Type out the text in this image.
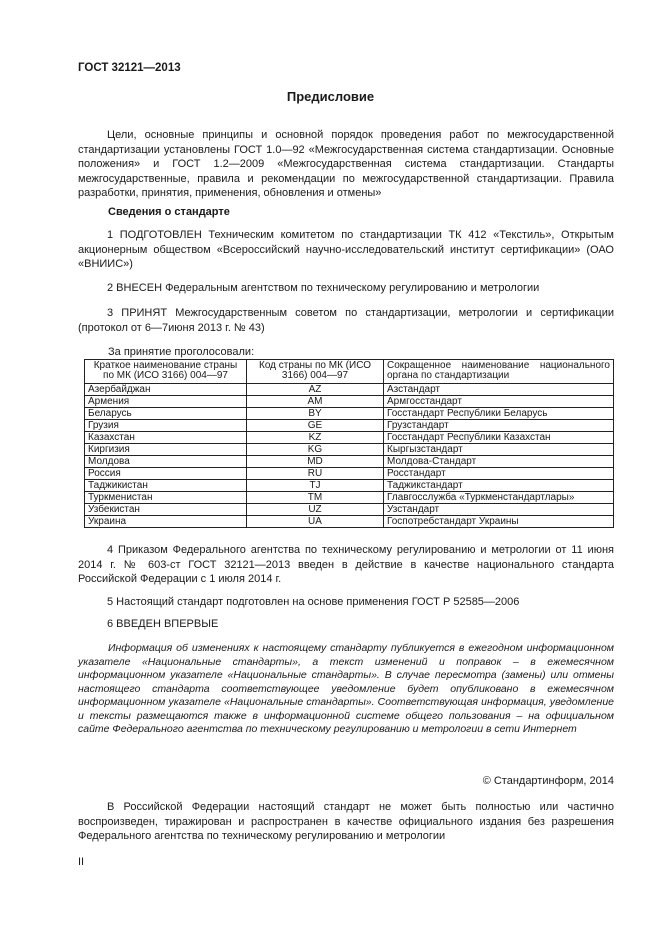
ГОСТ 32121—2013
Предисловие
Цели, основные принципы и основной порядок проведения работ по межгосударственной стандартизации установлены ГОСТ 1.0—92 «Межгосударственная система стандартизации. Основные положения» и ГОСТ 1.2—2009 «Межгосударственная система стандартизации. Стандарты межгосударственные, правила и рекомендации по межгосударственной стандартизации. Правила разработки, принятия, применения, обновления и отмены»
Сведения о стандарте
1 ПОДГОТОВЛЕН Техническим комитетом по стандартизации ТК 412 «Текстиль», Открытым акционерным обществом «Всероссийский научно-исследовательский институт сертификации» (ОАО «ВНИИС»)
2 ВНЕСЕН Федеральным агентством по техническому регулированию и метрологии
3 ПРИНЯТ Межгосударственным советом по стандартизации, метрологии и сертификации (протокол от 6—7июня 2013 г. № 43)
За принятие проголосовали:
Краткое наименование страны по МК (ИСО 3166) 004—97	Код страны по МК (ИСО 3166) 004—97	Сокращенное наименование национального органа по стандартизации
Азербайджан	AZ	Азстандарт
Армения	AM	Армгосстандарт
Беларусь	BY	Госстандарт Республики Беларусь
Грузия	GE	Грузстандарт
Казахстан	KZ	Госстандарт Республики Казахстан
Киргизия	KG	Кыргызстандарт
Молдова	MD	Молдова-Стандарт
Россия	RU	Росстандарт
Таджикистан	TJ	Таджикстандарт
Туркменистан	TM	Главгосслужба «Туркменстандартлары»
Узбекистан	UZ	Узстандарт
Украина	UA	Госпотребстандарт Украины
4 Приказом Федерального агентства по техническому регулированию и метрологии от 11 июня 2014 г. № 603-ст ГОСТ 32121—2013 введен в действие в качестве национального стандарта Российской Федерации с 1 июля 2014 г.
5 Настоящий стандарт подготовлен на основе применения ГОСТ Р 52585—2006
6 ВВЕДЕН ВПЕРВЫЕ
Информация об изменениях к настоящему стандарту публикуется в ежегодном информационном указателе «Национальные стандарты», а текст изменений и поправок – в ежемесячном информационном указателе «Национальные стандарты». В случае пересмотра (замены) или отмены настоящего стандарта соответствующее уведомление будет опубликовано в ежемесячном информационном указателе «Национальные стандарты». Соответствующая информация, уведомление и тексты размещаются также в информационной системе общего пользования – на официальном сайте Федерального агентства по техническому регулированию и метрологии в сети Интернет
© Стандартинформ, 2014
В Российской Федерации настоящий стандарт не может быть полностью или частично воспроизведен, тиражирован и распространен в качестве официального издания без разрешения Федерального агентства по техническому регулированию и метрологии
II
